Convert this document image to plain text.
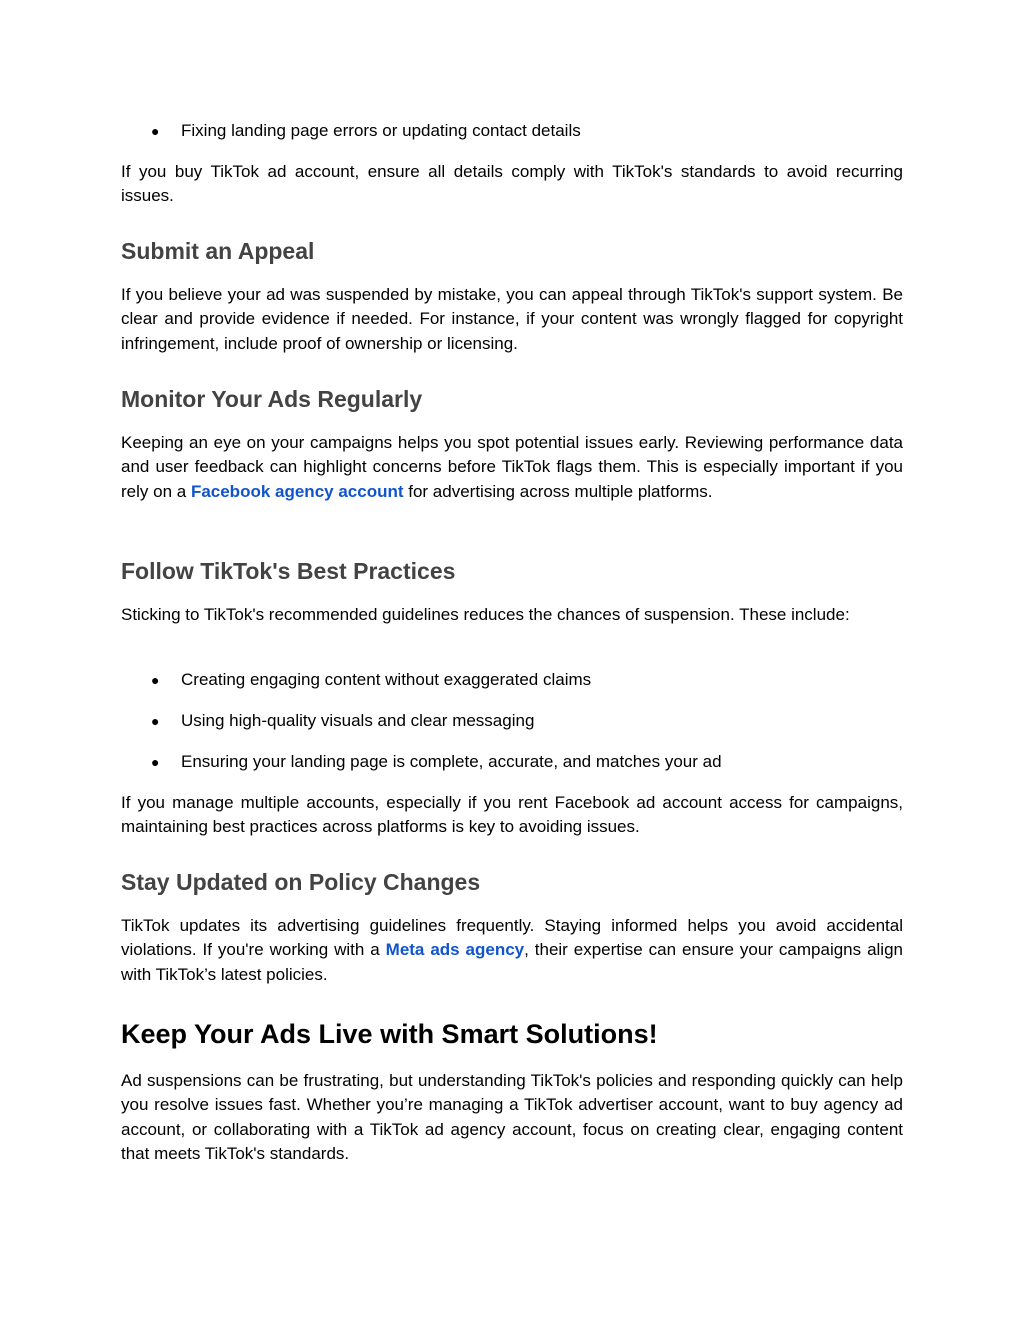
● Fixing landing page errors or updating contact details

If you buy TikTok ad account, ensure all details comply with TikTok's standards to avoid recurring issues.

Submit an Appeal

If you believe your ad was suspended by mistake, you can appeal through TikTok's support system. Be clear and provide evidence if needed. For instance, if your content was wrongly flagged for copyright infringement, include proof of ownership or licensing.

Monitor Your Ads Regularly

Keeping an eye on your campaigns helps you spot potential issues early. Reviewing performance data and user feedback can highlight concerns before TikTok flags them. This is especially important if you rely on a Facebook agency account for advertising across multiple platforms.

Follow TikTok's Best Practices

Sticking to TikTok's recommended guidelines reduces the chances of suspension. These include:

● Creating engaging content without exaggerated claims
● Using high-quality visuals and clear messaging
● Ensuring your landing page is complete, accurate, and matches your ad

If you manage multiple accounts, especially if you rent Facebook ad account access for campaigns, maintaining best practices across platforms is key to avoiding issues.

Stay Updated on Policy Changes

TikTok updates its advertising guidelines frequently. Staying informed helps you avoid accidental violations. If you're working with a Meta ads agency, their expertise can ensure your campaigns align with TikTok’s latest policies.

Keep Your Ads Live with Smart Solutions!

Ad suspensions can be frustrating, but understanding TikTok's policies and responding quickly can help you resolve issues fast. Whether you’re managing a TikTok advertiser account, want to buy agency ad account, or collaborating with a TikTok ad agency account, focus on creating clear, engaging content that meets TikTok's standards.
